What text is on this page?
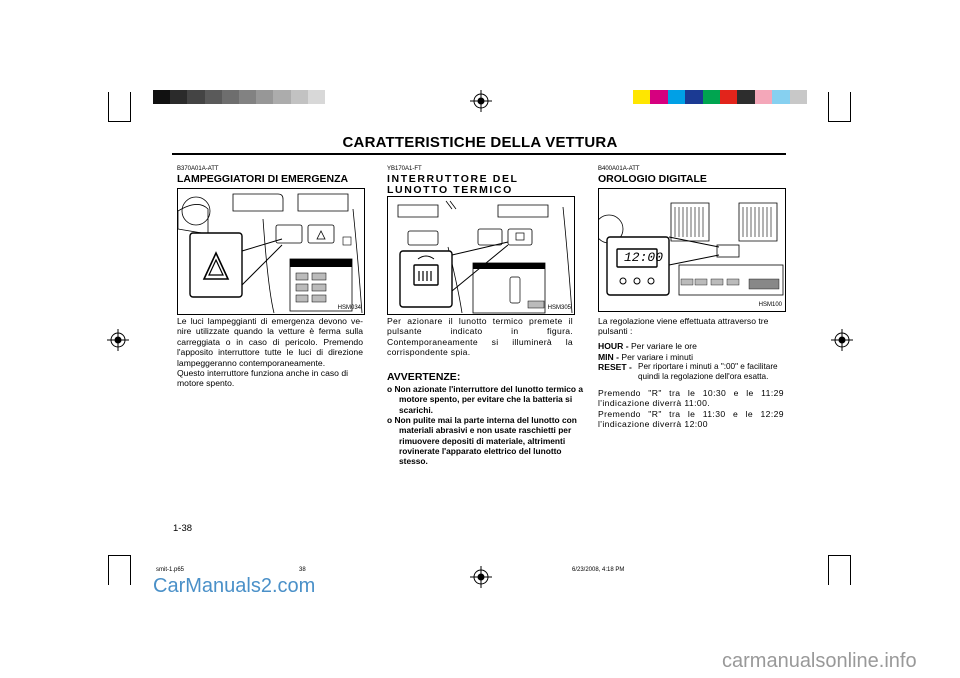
CARATTERISTICHE DELLA VETTURA
B370A01A-ATT
LAMPEGGIATORI DI EMERGENZA
HSM034
Le luci lampeggianti di emergenza devono ve-nire utilizzate quando la vetture è ferma sulla carreggiata o in caso di pericolo. Premendo l'apposito interruttore tutte le luci di direzione lampeggeranno contemporaneamente.
Questo interruttore funziona anche in caso di motore spento.
YB170A1-FT
INTERRUTTORE DEL LUNOTTO TERMICO
HSM305
Per azionare il lunotto termico premete il pulsante indicato in figura. Contemporaneamente si illuminerà la corrispondente spia.
AVVERTENZE:
o Non azionate l'interruttore del lunotto termico a motore spento, per evitare che la batteria si scarichi.
o Non pulite mai la parte interna del lunotto con materiali abrasivi e non usate raschietti per rimuovere depositi di materiale, altrimenti rovinerate l'apparato elettrico del lunotto stesso.
B400A01A-ATT
OROLOGIO DIGITALE
12:00
HSM100
La regolazione viene effettuata attraverso tre pulsanti :
HOUR - Per variare le ore
MIN - Per variare i minuti
RESET - Per riportare i minuti a ":00" e facilitare quindi la regolazione dell'ora esatta.
Premendo "R" tra le 10:30 e le 11:29 l'indicazione diverrà 11:00.
Premendo "R" tra le 11:30 e le 12:29 l'indicazione diverrà 12:00
1-38
smit-1.p65	38	6/23/2008, 4:18 PM
CarManuals2.com
carmanualsonline.info
